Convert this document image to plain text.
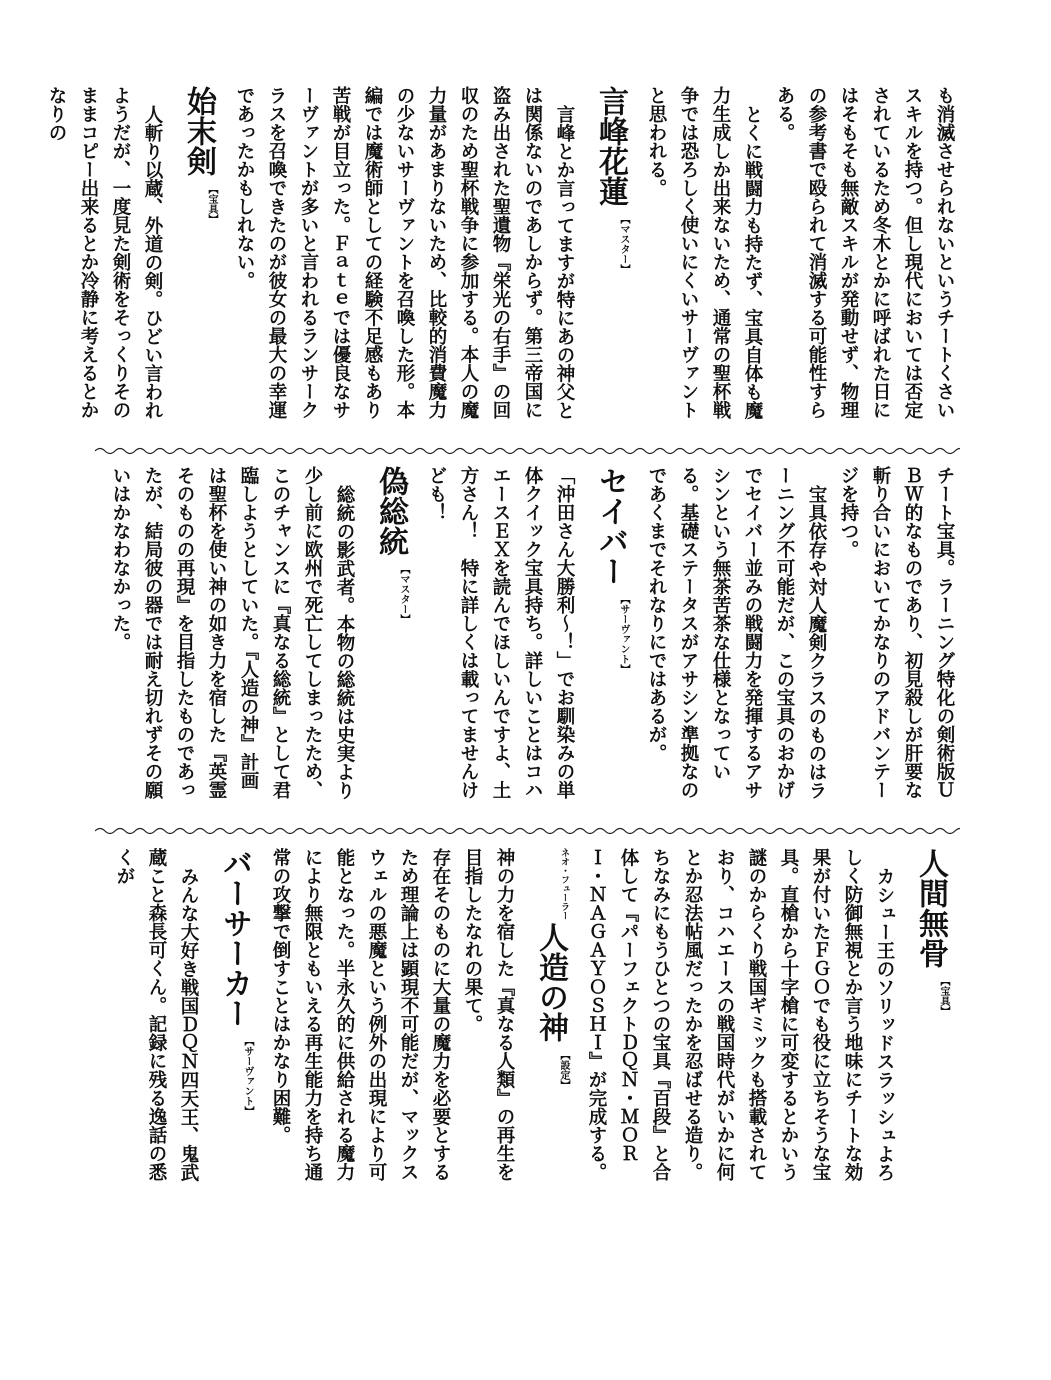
も消滅させられないというチートくさいスキルを持つ。但し現代においては否定されているため冬木とかに呼ばれた日にはそもそも無敵スキルが発動せず、物理の参考書で殴られて消滅する可能性すらある。

とくに戦闘力も持たず、宝具自体も魔力生成しか出来ないため、通常の聖杯戦争では恐ろしく使いにくいサーヴァントと思われる。

言峰花蓮
【マスター】

言峰とか言ってますが特にあの神父とは関係ないのであしからず。第三帝国に盗み出された聖遺物『栄光の右手』の回収のため聖杯戦争に参加する。本人の魔力量があまりないため、比較的消費魔力の少ないサーヴァントを召喚した形。本編では魔術師としての経験不足感もあり苦戦が目立った。Ｆａｔｅでは優良なサーヴァントが多いと言われるランサークラスを召喚できたのが彼女の最大の幸運であったかもしれない。

始末剣
【宝具】

人斬り以蔵、外道の剣。ひどい言われようだが、一度見た剣術をそっくりそのままコピー出来るとか冷静に考えるとかなりの

チート宝具。ラーニング特化の剣術版ＵＢＷ的なものであり、初見殺しが肝要な斬り合いにおいてかなりのアドバンテージを持つ。

宝具依存や対人魔剣クラスのものはラーニング不可能だが、この宝具のおかげでセイバー並みの戦闘力を発揮するアサシンという無茶苦茶な仕様となっている。基礎ステータスがアサシン準拠なのであくまでそれなりにではあるが。

セイバー
【サーヴァント】

「沖田さん大勝利～！」でお馴染みの単体クイック宝具持ち。詳しいことはコハエースＥＸを読んでほしいんですよ、土方さん！　特に詳しくは載ってませんけども！

偽総統
【マスター】

総統の影武者。本物の総統は史実より少し前に欧州で死亡してしまったため、このチャンスに『真なる総統』として君臨しようとしていた。『人造の神』計画は聖杯を使い神の如き力を宿した『英霊そのものの再現』を目指したものであったが、結局彼の器では耐え切れずその願いはかなわなかった。

人間無骨
【宝具】

カシュー王のソリッドスラッシュよろしく防御無視とか言う地味にチートな効果が付いたＦＧＯでも役に立ちそうな宝具。直槍から十字槍に可変するとかいう謎のからくり戦国ギミックも搭載されており、コハエースの戦国時代がいかに何とか忍法帖風だったかを忍ばせる造り。ちなみにもうひとつの宝具『百段』と合体して『パーフェクトＤＱＮ・ＭＯＲＩ・ＮＡＧＡＹＯＳＨＩ』が完成する。

ネオ・フューラー
人造の神
【設定】

神の力を宿した『真なる人類』の再生を目指したなれの果て。

存在そのものに大量の魔力を必要とするため理論上は顕現不可能だが、マックスウェルの悪魔という例外の出現により可能となった。半永久的に供給される魔力により無限ともいえる再生能力を持ち通常の攻撃で倒すことはかなり困難。

バーサーカー
【サーヴァント】

みんな大好き戦国ＤＱＮ四天王、鬼武蔵こと森長可くん。記録に残る逸話の悉くが
